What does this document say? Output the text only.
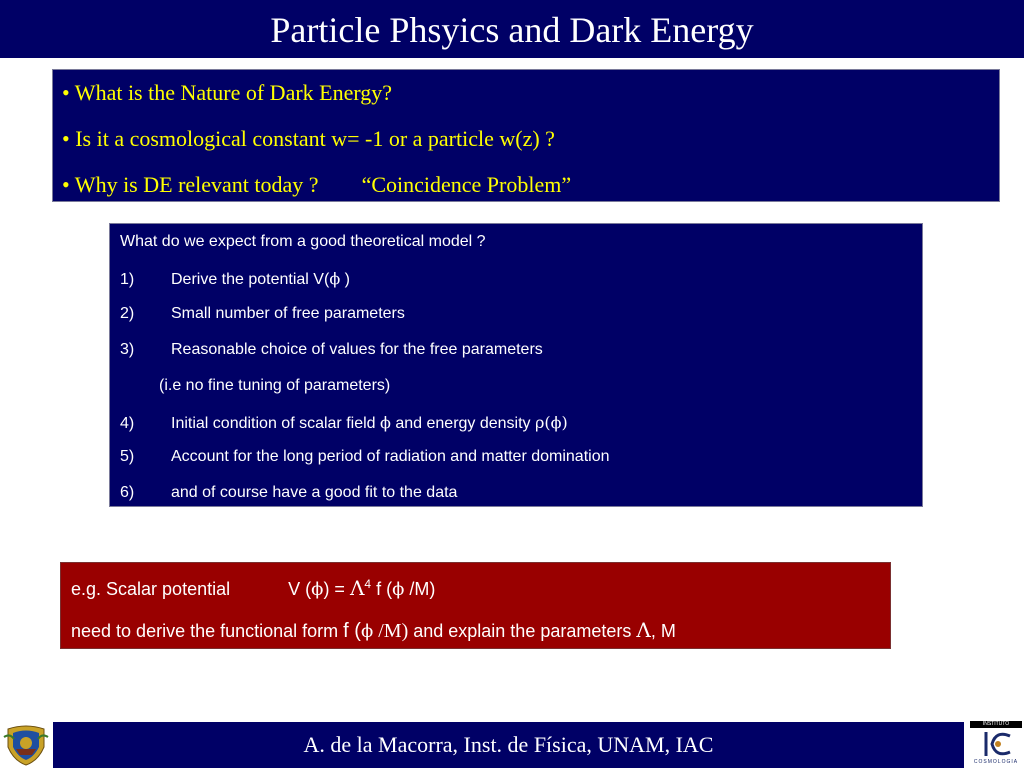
Particle Phsyics and Dark Energy
• What is the Nature of Dark Energy?
• Is it a cosmological constant w= -1 or a particle w(z) ?
• Why is DE relevant today ? “Coincidence Problem”
What do we expect from a good theoretical model ?
1) Derive the potential V(ϕ )
2) Small number of free parameters
3) Reasonable choice of values for the free parameters
(i.e no fine tuning of parameters)
4) Initial condition of scalar field ϕ and energy density ρ(ϕ)
5) Account for the long period of radiation and matter domination
6) and of course have a good fit to the data
e.g. Scalar potential	V $(\phi) = \Lambda^4$ f (ϕ /M)
need to derive the functional form f (ϕ /M) and explain the parameters Λ, M
A. de la Macorra, Inst. de Física, UNAM, IAC
INSTITUTO AVANZADO DE
COSMOLOGIA
